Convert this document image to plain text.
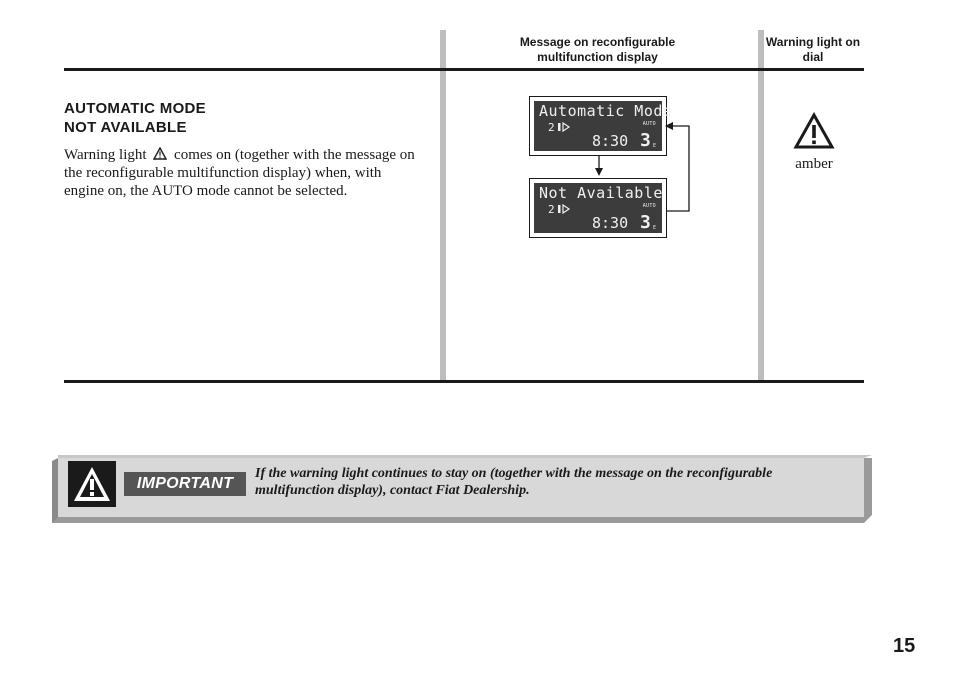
Message on reconfigurable multifunction display
Warning light on dial
AUTOMATIC MODE
NOT AVAILABLE
Warning light comes on (together with the message on the reconfigurable multifunction display) when, with engine on, the AUTO mode cannot be selected.
Automatic Mode
2	AUTO
8:30 3 E
Not Available
2	AUTO
8:30 3 E
amber
IMPORTANT
If the warning light continues to stay on (together with the message on the reconfigurable multifunction display), contact Fiat Dealership.
15
